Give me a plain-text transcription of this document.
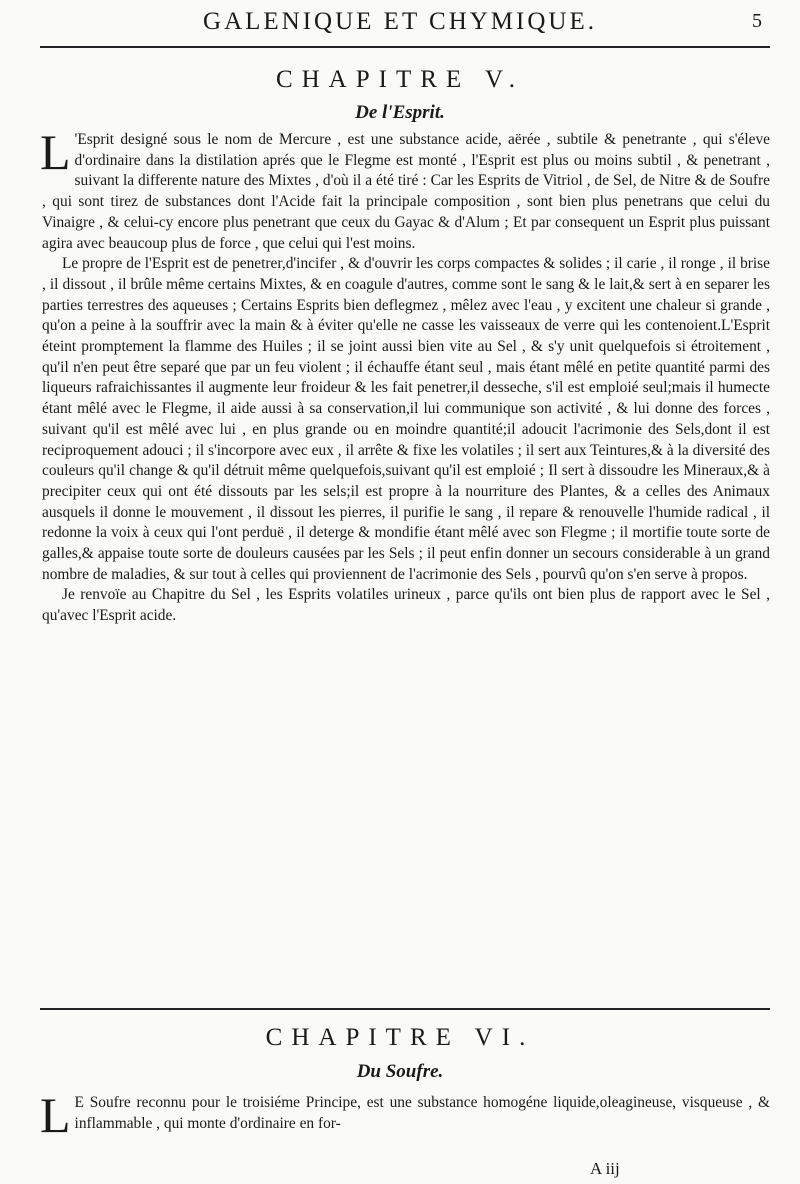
GALENIQUE ET CHYMIQUE.	5
CHAPITRE V.
De l'Esprit.

L 'Esprit designé sous le nom de Mercure , est une substance acide, aërée , subtile & penetrante , qui s'éleve d'ordinaire dans la distilation aprés que le Flegme est monté , l'Esprit est plus ou moins subtil , & penetrant , suivant la differente nature des Mixtes , d'où il a été tiré : Car les Esprits de Vitriol , de Sel, de Nitre & de Soufre , qui sont tirez de substances dont l'Acide fait la principale composition , sont bien plus penetrans que celui du Vinaigre , & celui-cy encore plus penetrant que ceux du Gayac & d'Alum ; Et par consequent un Esprit plus puissant agira avec beaucoup plus de force , que celui qui l'est moins.

Le propre de l'Esprit est de penetrer,d'incifer , & d'ouvrir les corps compactes & solides ; il carie , il ronge , il brise , il dissout , il brûle même certains Mixtes, & en coagule d'autres, comme sont le sang & le lait,& sert à en separer les parties terrestres des aqueuses ; Certains Esprits bien deflegmez , mêlez avec l'eau , y excitent une chaleur si grande , qu'on a peine à la souffrir avec la main & à éviter qu'elle ne casse les vaisseaux de verre qui les contenoient.L'Esprit éteint promptement la flamme des Huiles ; il se joint aussi bien vite au Sel , & s'y unit quelquefois si étroitement , qu'il n'en peut être separé que par un feu violent ; il échauffe étant seul , mais étant mêlé en petite quantité parmi des liqueurs rafraichissantes il augmente leur froideur & les fait penetrer,il desseche, s'il est emploié seul;mais il humecte étant mêlé avec le Flegme, il aide aussi à sa conservation,il lui communique son activité , & lui donne des forces , suivant qu'il est mêlé avec lui , en plus grande ou en moindre quantité;il adoucit l'acrimonie des Sels,dont il est reciproquement adouci ; il s'incorpore avec eux , il arrête & fixe les volatiles ; il sert aux Teintures,& à la diversité des couleurs qu'il change & qu'il détruit même quelquefois,suivant qu'il est emploié ; Il sert à dissoudre les Mineraux,& à precipiter ceux qui ont été dissouts par les sels;il est propre à la nourriture des Plantes, & a celles des Animaux ausquels il donne le mouvement , il dissout les pierres, il purifie le sang , il repare & renouvelle l'humide radical , il redonne la voix à ceux qui l'ont perduë , il deterge & mondifie étant mêlé avec son Flegme ; il mortifie toute sorte de galles,& appaise toute sorte de douleurs causées par les Sels ; il peut enfin donner un secours considerable à un grand nombre de maladies, & sur tout à celles qui proviennent de l'acrimonie des Sels , pourvû qu'on s'en serve à propos.

Je renvoïe au Chapitre du Sel , les Esprits volatiles urineux , parce qu'ils ont bien plus de rapport avec le Sel , qu'avec l'Esprit acide.

CHAPITRE VI.
Du Soufre.

L E Soufre reconnu pour le troisiéme Principe, est une substance homogéne liquide,oleagineuse, visqueuse , & inflammable , qui monte d'ordinaire en for-

A iij
